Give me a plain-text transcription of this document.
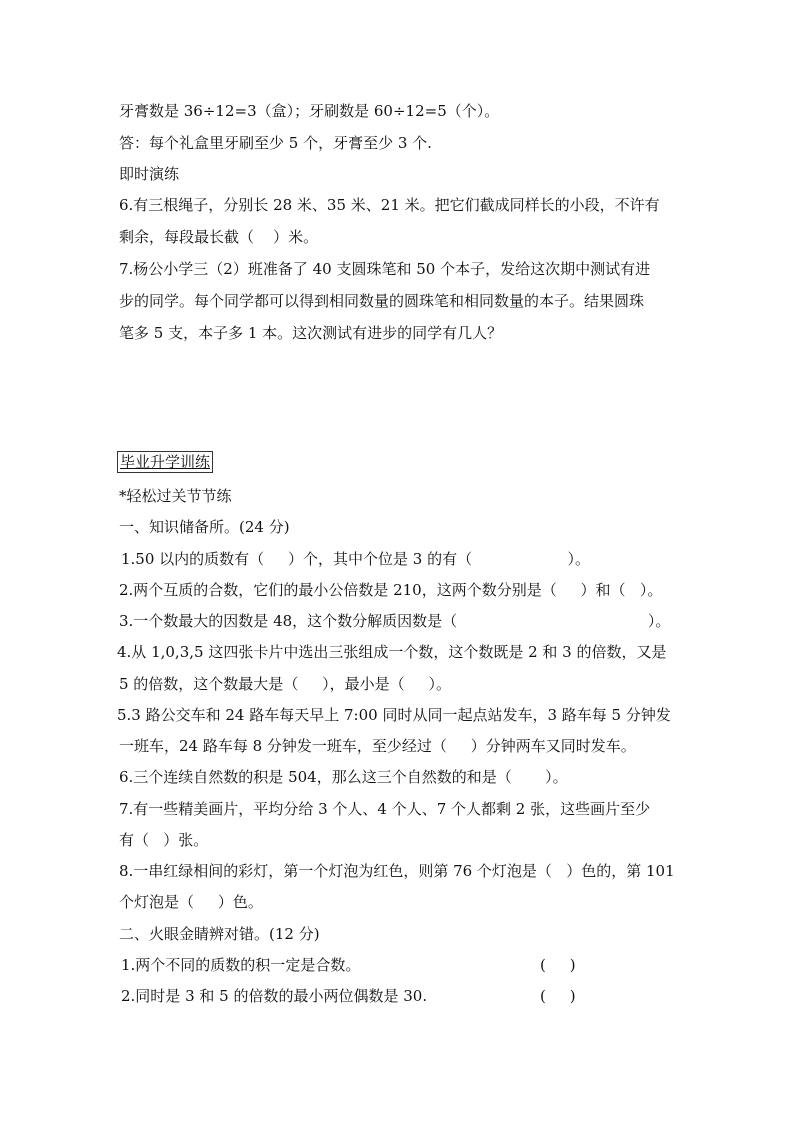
牙膏数是 36÷12=3（盒）；牙刷数是 60÷12=5（个）。
答：每个礼盒里牙刷至少 5 个，牙膏至少 3 个.
即时演练
6.有三根绳子，分别长 28 米、35 米、21 米。把它们截成同样长的小段，不许有
剩余，每段最长截（    ）米。
7.杨公小学三（2）班准备了 40 支圆珠笔和 50 个本子，发给这次期中测试有进
步的同学。每个同学都可以得到相同数量的圆珠笔和相同数量的本子。结果圆珠
笔多 5 支，本子多 1 本。这次测试有进步的同学有几人？
毕业升学训练
*轻松过关节节练
一、知识储备所。(24 分)
1.50 以内的质数有（     ）个，其中个位是 3 的有（                    ）。
2.两个互质的合数，它们的最小公倍数是 210，这两个数分别是（     ）和（   ）。
3.一个数最大的因数是 48，这个数分解质因数是（                                        ）。
4.从 1,0,3,5 这四张卡片中选出三张组成一个数，这个数既是 2 和 3 的倍数，又是
5 的倍数，这个数最大是（     ），最小是（     ）。
5.3 路公交车和 24 路车每天早上 7:00 同时从同一起点站发车，3 路车每 5 分钟发
一班车，24 路车每 8 分钟发一班车，至少经过（     ）分钟两车又同时发车。
6.三个连续自然数的积是 504，那么这三个自然数的和是（       ）。
7.有一些精美画片，平均分给 3 个人、4 个人、7 个人都剩 2 张，这些画片至少
有（   ）张。
8.一串红绿相间的彩灯，第一个灯泡为红色，则第 76 个灯泡是（   ）色的，第 101
个灯泡是（     ）色。
二、火眼金睛辨对错。(12 分)
1.两个不同的质数的积一定是合数。	(     )
2.同时是 3 和 5 的倍数的最小两位偶数是 30.	(     )
